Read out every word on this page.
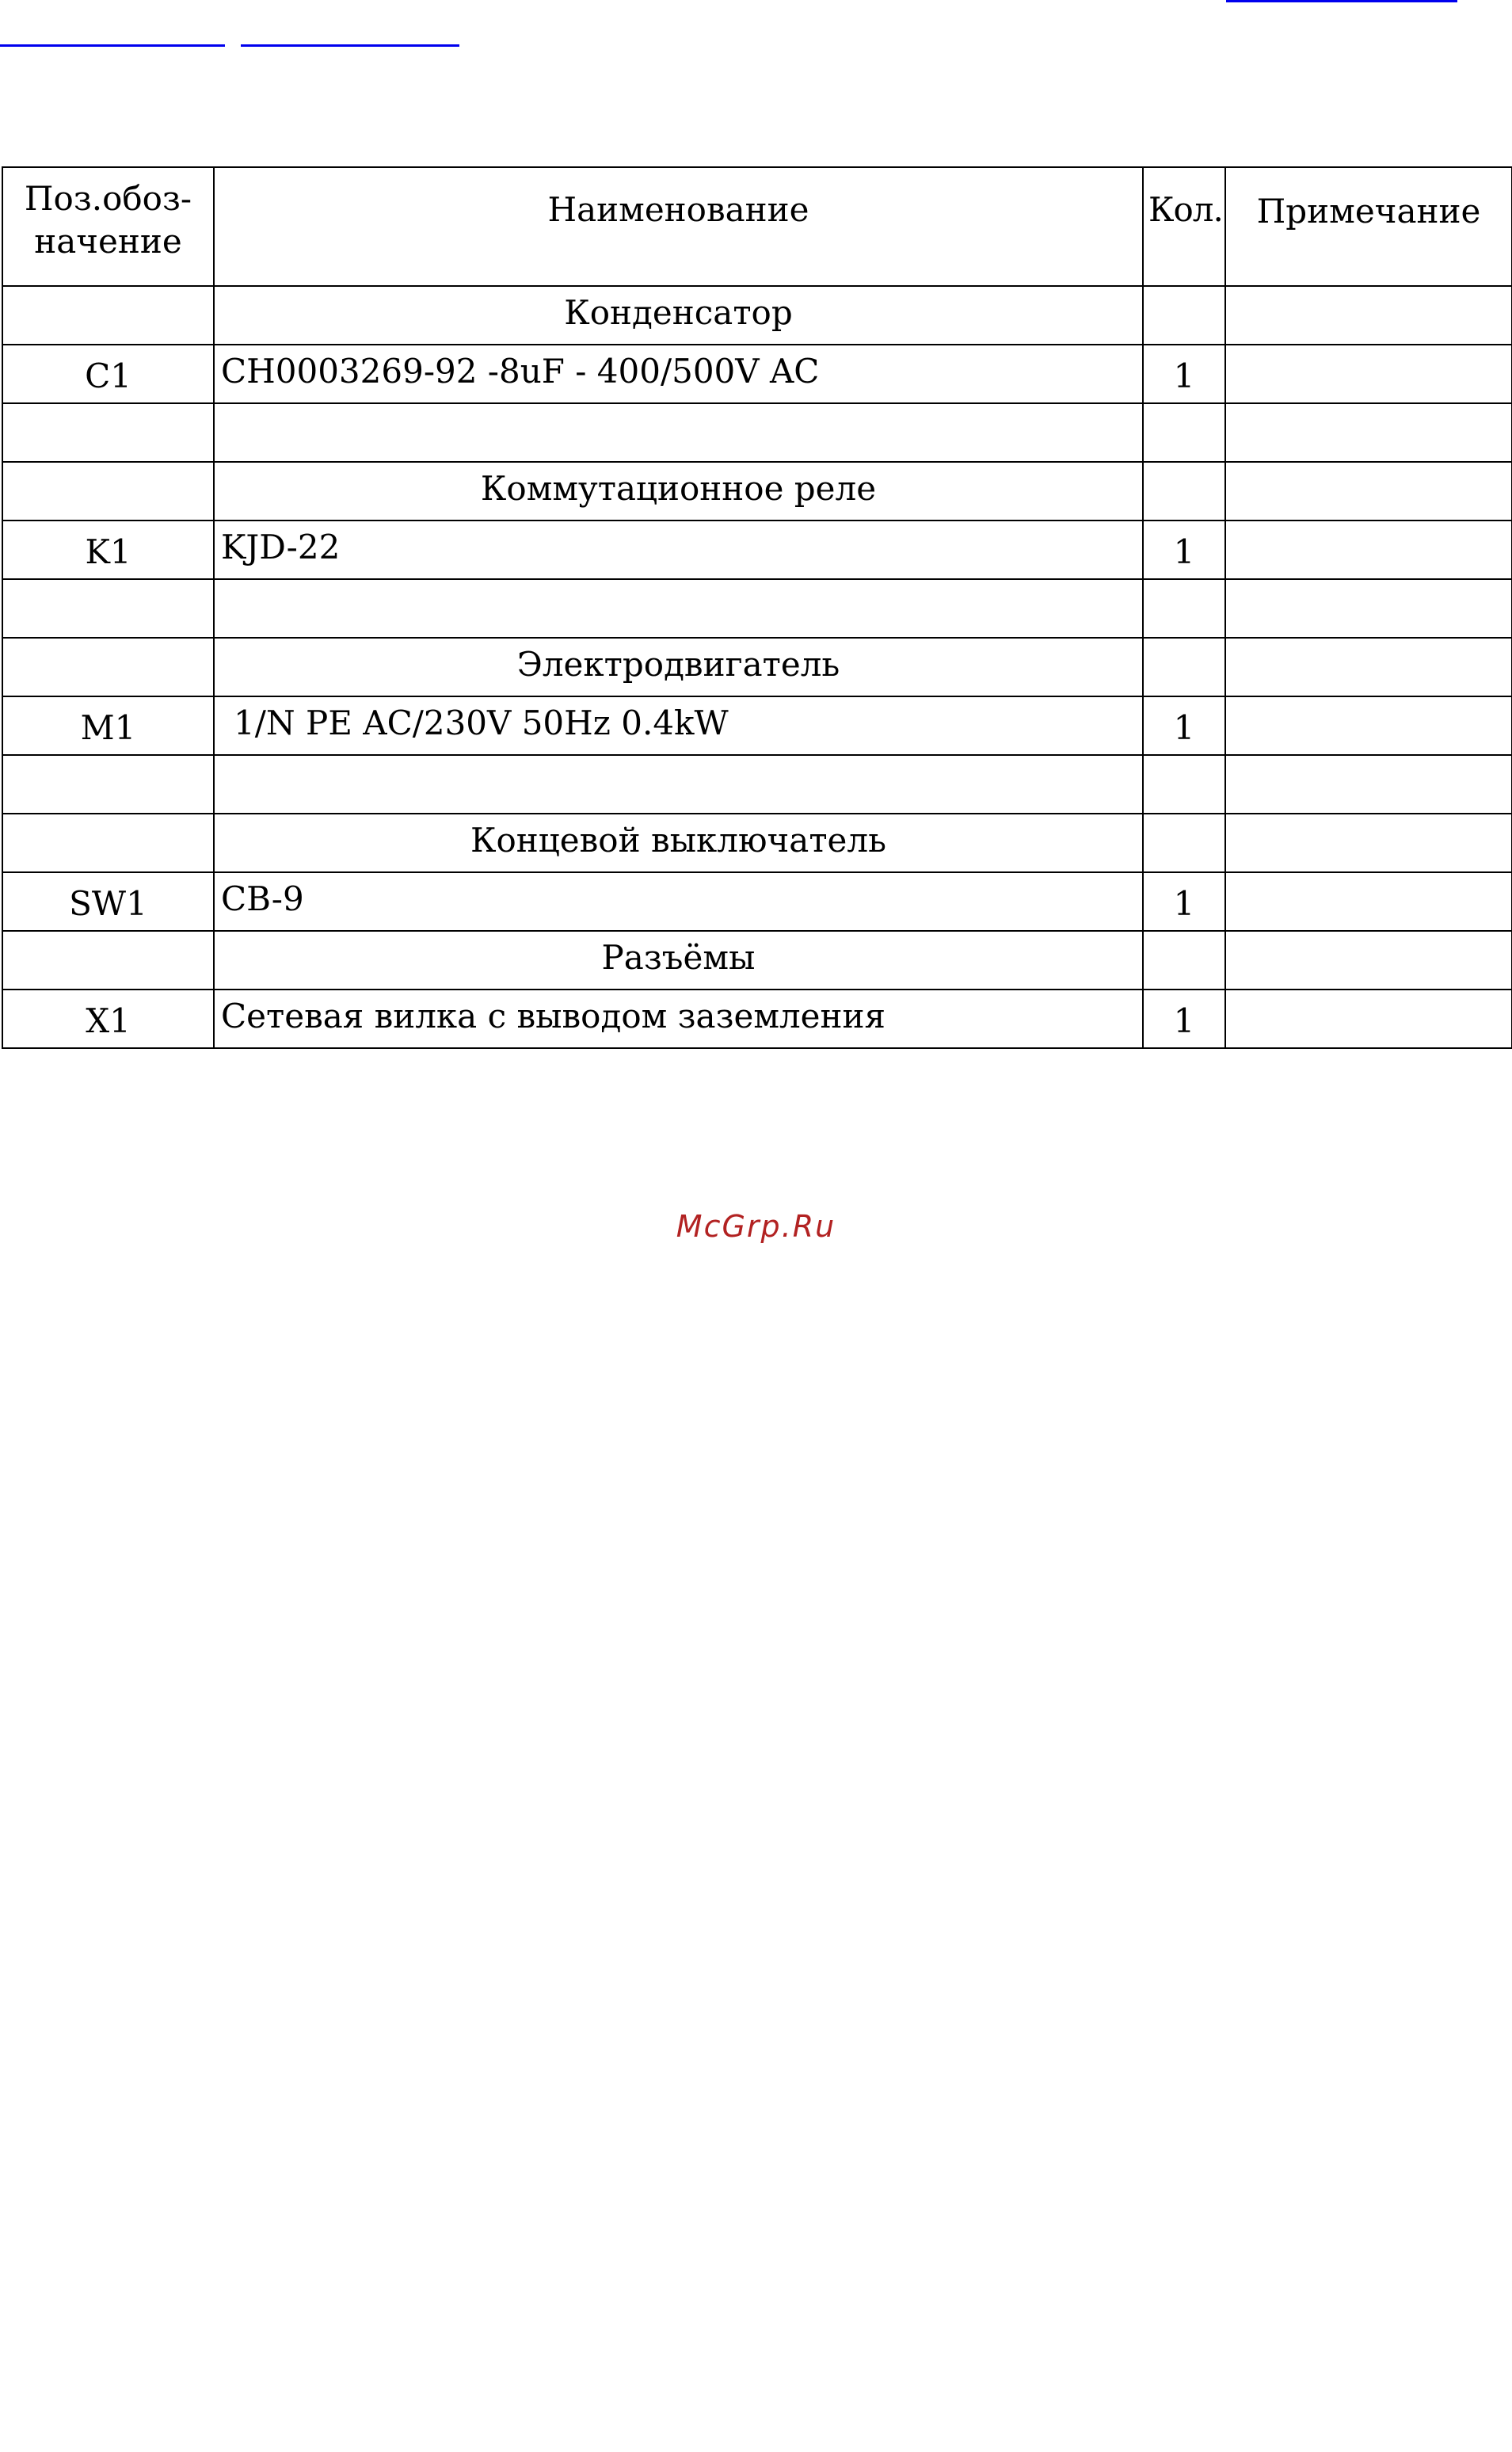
Поз.обоз-
начение	Наименование	Кол.	Примечание
	Конденсатор		
C1	CH0003269-92 -8uF - 400/500V AC	1	

	Коммутационное реле		
K1	KJD-22	1	

	Электродвигатель		
M1	1/N PE AC/230V 50Hz 0.4kW	1	

	Концевой выключатель		
SW1	CB-9	1	
	Разъёмы		
X1	Сетевая вилка с выводом заземления	1	
McGrp.Ru
